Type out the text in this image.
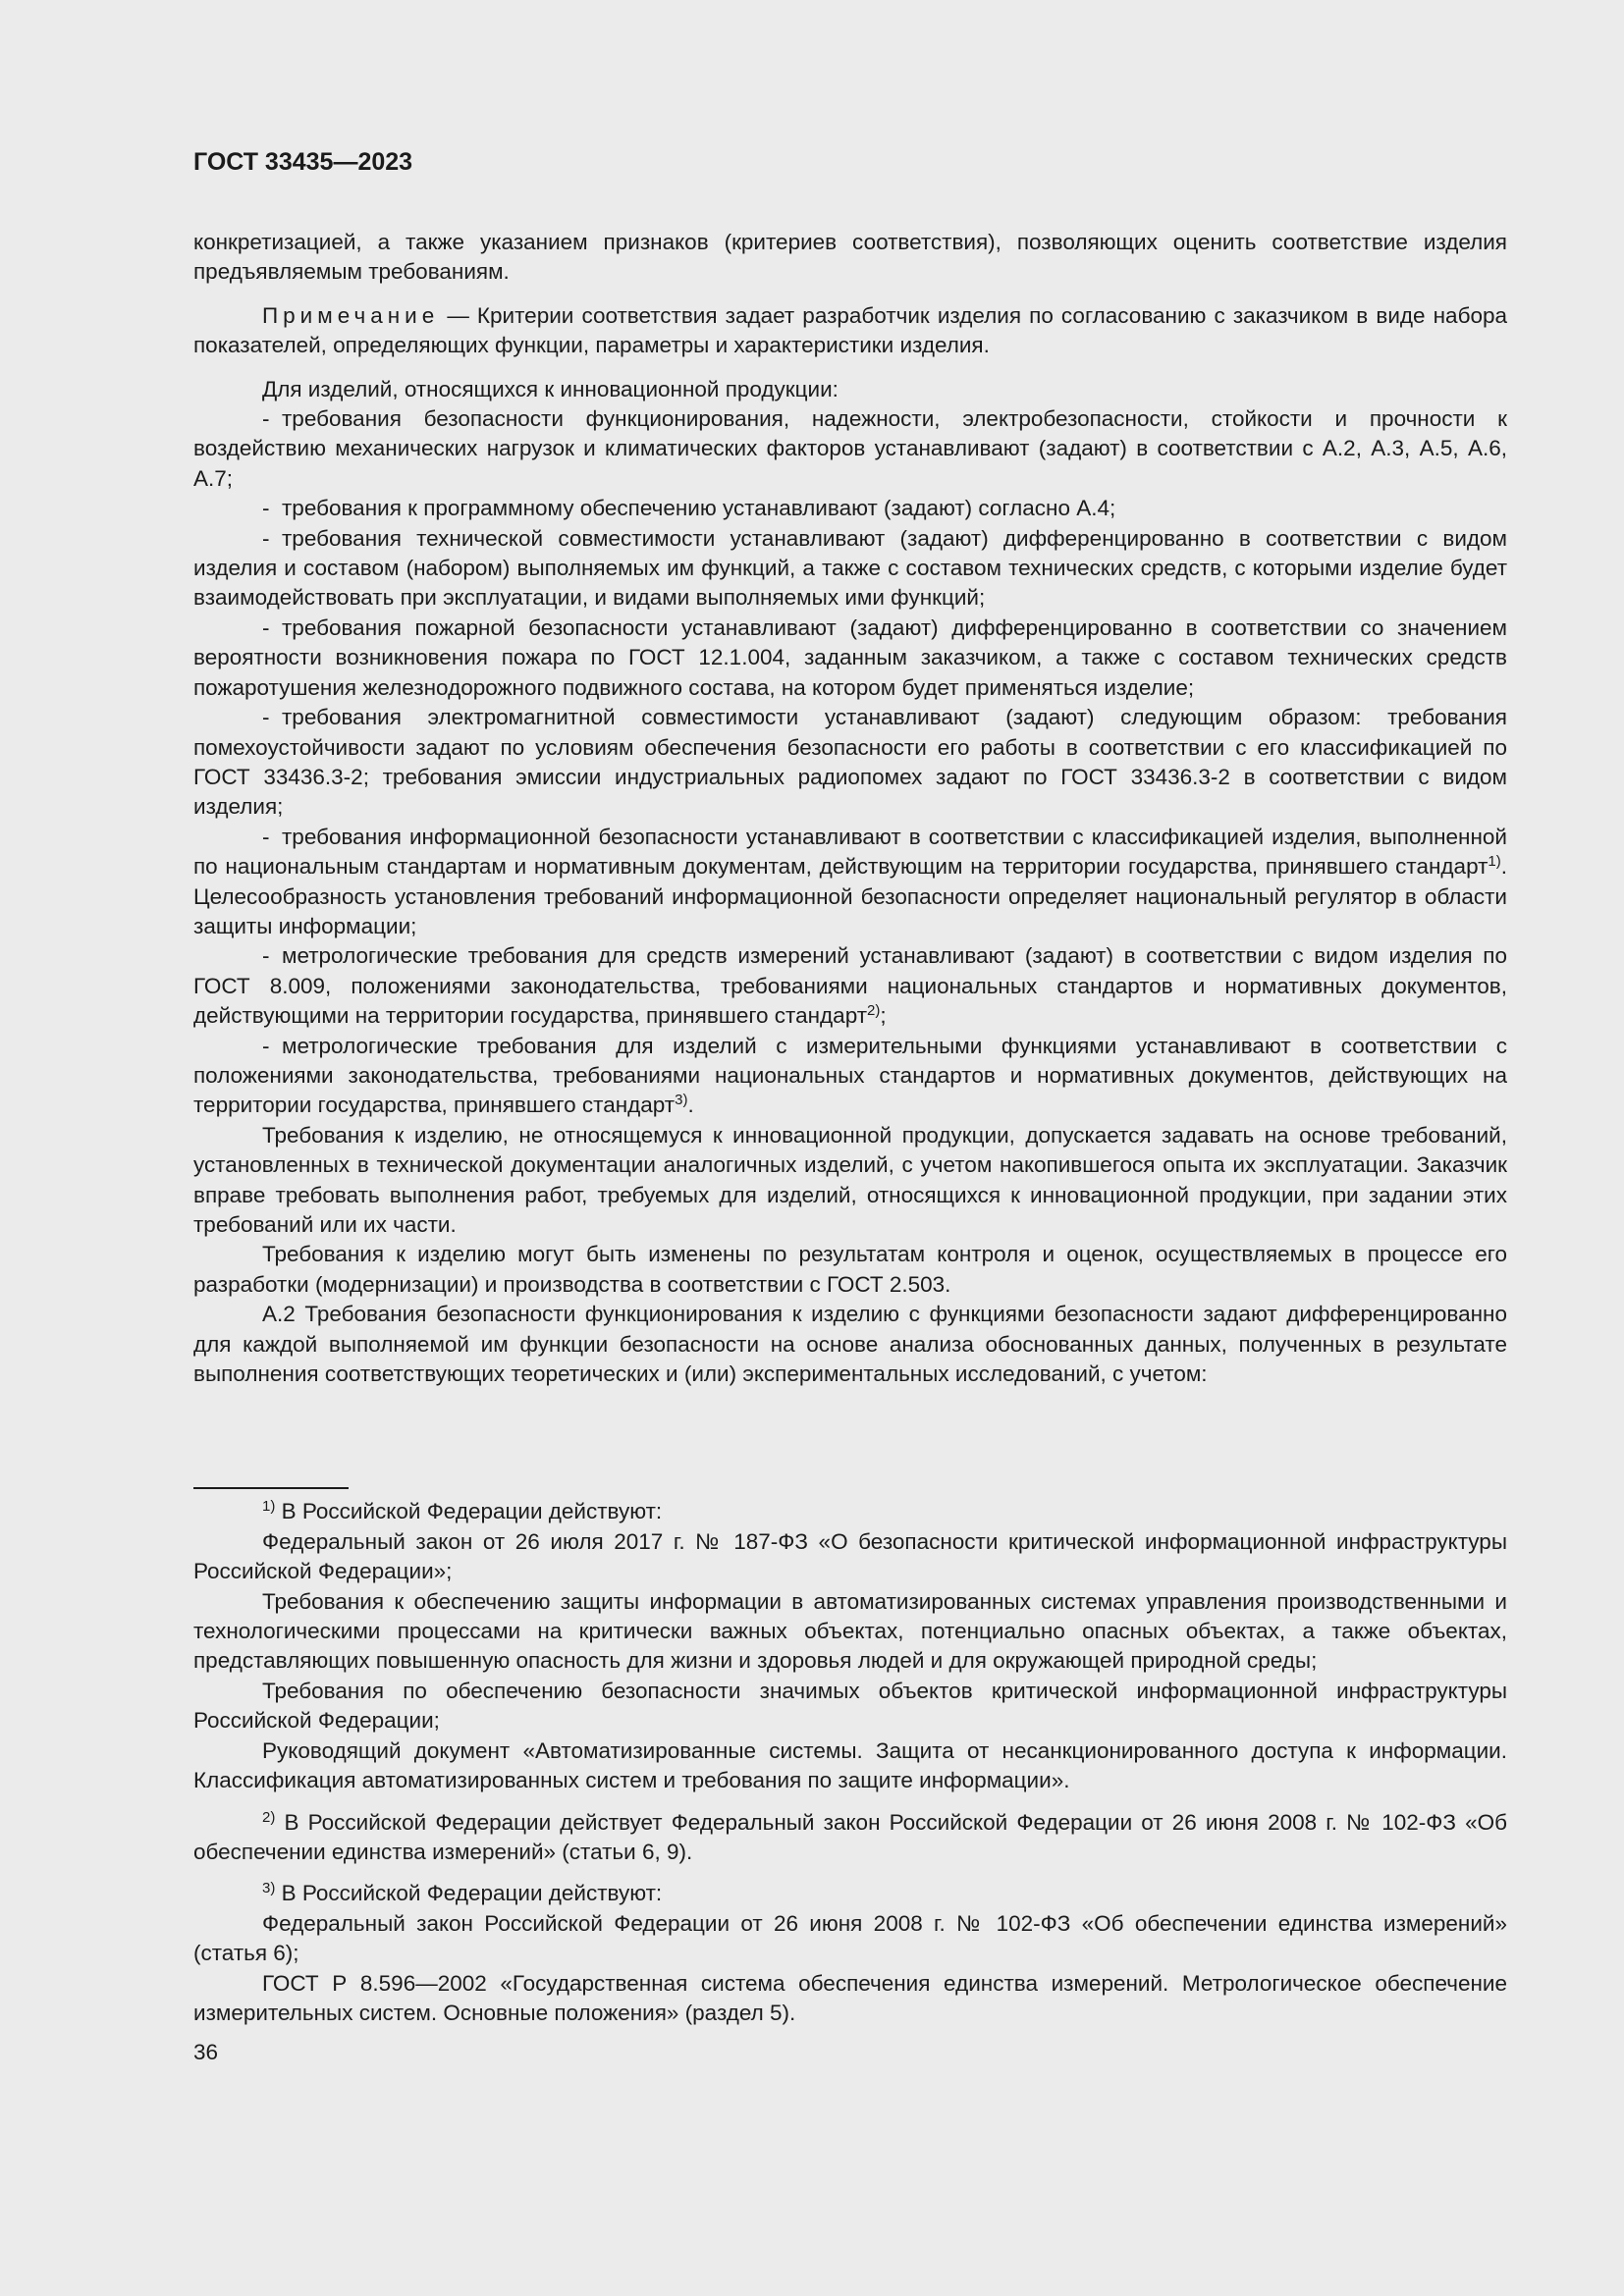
ГОСТ 33435—2023

конкретизацией, а также указанием признаков (критериев соответствия), позволяющих оценить соответствие изделия предъявляемым требованиям.

Примечание — Критерии соответствия задает разработчик изделия по согласованию с заказчиком в виде набора показателей, определяющих функции, параметры и характеристики изделия.

Для изделий, относящихся к инновационной продукции:

- требования безопасности функционирования, надежности, электробезопасности, стойкости и прочности к воздействию механических нагрузок и климатических факторов устанавливают (задают) в соответствии с А.2, А.3, А.5, А.6, А.7;

- требования к программному обеспечению устанавливают (задают) согласно А.4;

- требования технической совместимости устанавливают (задают) дифференцированно в соответствии с видом изделия и составом (набором) выполняемых им функций, а также с составом технических средств, с которыми изделие будет взаимодействовать при эксплуатации, и видами выполняемых ими функций;

- требования пожарной безопасности устанавливают (задают) дифференцированно в соответствии со значением вероятности возникновения пожара по ГОСТ 12.1.004, заданным заказчиком, а также с составом технических средств пожаротушения железнодорожного подвижного состава, на котором будет применяться изделие;

- требования электромагнитной совместимости устанавливают (задают) следующим образом: требования помехоустойчивости задают по условиям обеспечения безопасности его работы в соответствии с его классификацией по ГОСТ 33436.3-2; требования эмиссии индустриальных радиопомех задают по ГОСТ 33436.3-2 в соответствии с видом изделия;

- требования информационной безопасности устанавливают в соответствии с классификацией изделия, выполненной по национальным стандартам и нормативным документам, действующим на территории государства, принявшего стандарт$^{1)}$. Целесообразность установления требований информационной безопасности определяет национальный регулятор в области защиты информации;

- метрологические требования для средств измерений устанавливают (задают) в соответствии с видом изделия по ГОСТ 8.009, положениями законодательства, требованиями национальных стандартов и нормативных документов, действующими на территории государства, принявшего стандарт$^{2)}$;

- метрологические требования для изделий с измерительными функциями устанавливают в соответствии с положениями законодательства, требованиями национальных стандартов и нормативных документов, действующих на территории государства, принявшего стандарт$^{3)}$.

Требования к изделию, не относящемуся к инновационной продукции, допускается задавать на основе требований, установленных в технической документации аналогичных изделий, с учетом накопившегося опыта их эксплуатации. Заказчик вправе требовать выполнения работ, требуемых для изделий, относящихся к инновационной продукции, при задании этих требований или их части.

Требования к изделию могут быть изменены по результатам контроля и оценок, осуществляемых в процессе его разработки (модернизации) и производства в соответствии с ГОСТ 2.503.

А.2 Требования безопасности функционирования к изделию с функциями безопасности задают дифференцированно для каждой выполняемой им функции безопасности на основе анализа обоснованных данных, полученных в результате выполнения соответствующих теоретических и (или) экспериментальных исследований, с учетом:

$^{1)}$ В Российской Федерации действуют:

Федеральный закон от 26 июля 2017 г. № 187-ФЗ «О безопасности критической информационной инфраструктуры Российской Федерации»;

Требования к обеспечению защиты информации в автоматизированных системах управления производственными и технологическими процессами на критически важных объектах, потенциально опасных объектах, а также объектах, представляющих повышенную опасность для жизни и здоровья людей и для окружающей природной среды;

Требования по обеспечению безопасности значимых объектов критической информационной инфраструктуры Российской Федерации;

Руководящий документ «Автоматизированные системы. Защита от несанкционированного доступа к информации. Классификация автоматизированных систем и требования по защите информации».

$^{2)}$ В Российской Федерации действует Федеральный закон Российской Федерации от 26 июня 2008 г. № 102-ФЗ «Об обеспечении единства измерений» (статьи 6, 9).

$^{3)}$ В Российской Федерации действуют:

Федеральный закон Российской Федерации от 26 июня 2008 г. № 102-ФЗ «Об обеспечении единства измерений» (статья 6);

ГОСТ Р 8.596—2002 «Государственная система обеспечения единства измерений. Метрологическое обеспечение измерительных систем. Основные положения» (раздел 5).

36
